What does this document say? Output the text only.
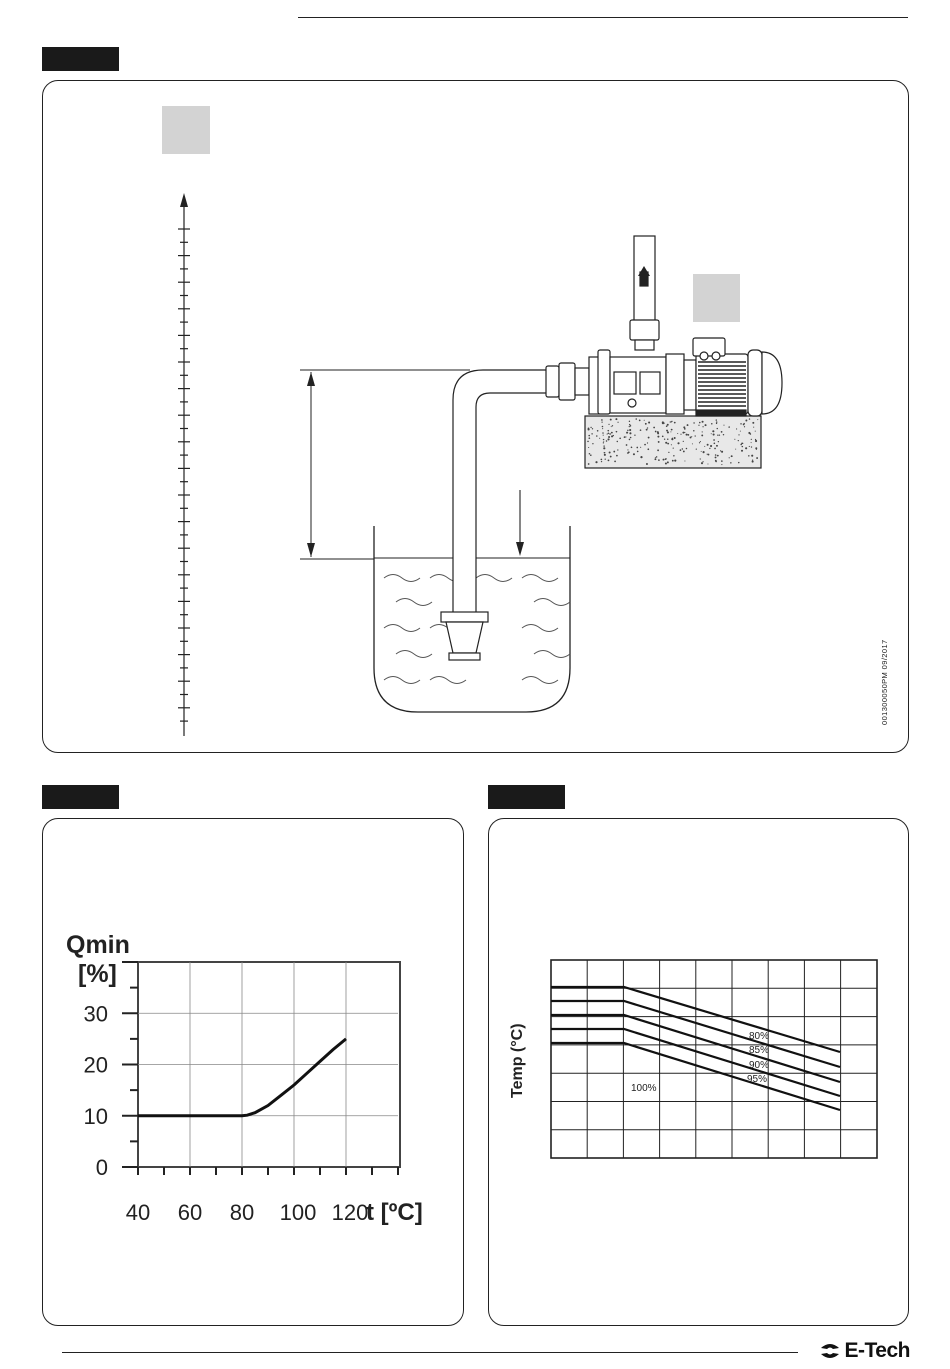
001300050PM 09/2017
0
10
20
30
40 60 80 100 120
Qmin
[%]
t [ºC]
80%
85%
90%
95%
100%
Temp (°C)
E-Tech
